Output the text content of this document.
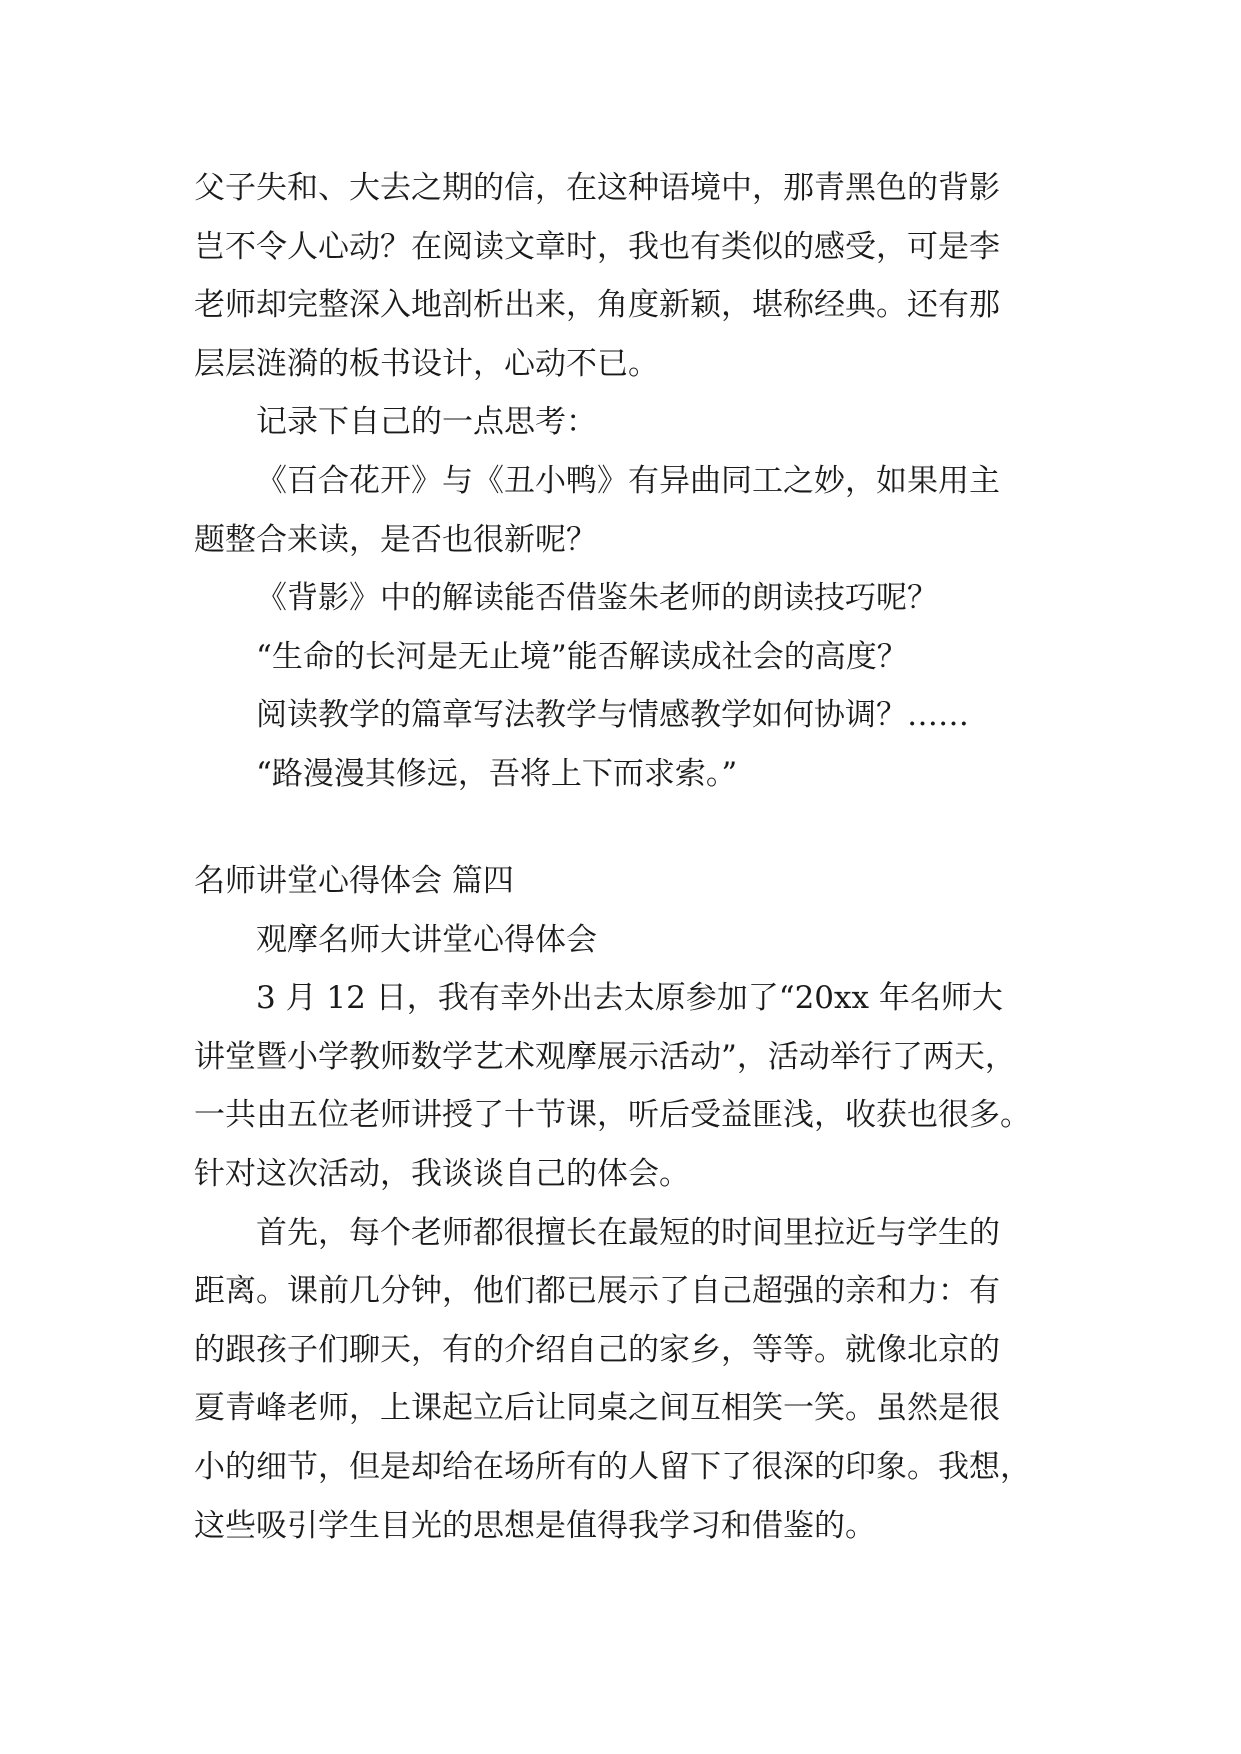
父子失和、大去之期的信，在这种语境中，那青黑色的背影
岂不令人心动？在阅读文章时，我也有类似的感受，可是李
老师却完整深入地剖析出来，角度新颖，堪称经典。还有那
层层涟漪的板书设计，心动不已。
记录下自己的一点思考：
《百合花开》与《丑小鸭》有异曲同工之妙，如果用主
题整合来读，是否也很新呢？
《背影》中的解读能否借鉴朱老师的朗读技巧呢？
“生命的长河是无止境”能否解读成社会的高度？
阅读教学的篇章写法教学与情感教学如何协调？……
“路漫漫其修远，吾将上下而求索。”
名师讲堂心得体会 篇四
观摩名师大讲堂心得体会
3 月 12 日，我有幸外出去太原参加了“20xx 年名师大
讲堂暨小学教师数学艺术观摩展示活动”，活动举行了两天，
一共由五位老师讲授了十节课，听后受益匪浅，收获也很多。
针对这次活动，我谈谈自己的体会。
首先，每个老师都很擅长在最短的时间里拉近与学生的
距离。课前几分钟，他们都已展示了自己超强的亲和力：有
的跟孩子们聊天，有的介绍自己的家乡，等等。就像北京的
夏青峰老师，上课起立后让同桌之间互相笑一笑。虽然是很
小的细节，但是却给在场所有的人留下了很深的印象。我想，
这些吸引学生目光的思想是值得我学习和借鉴的。
